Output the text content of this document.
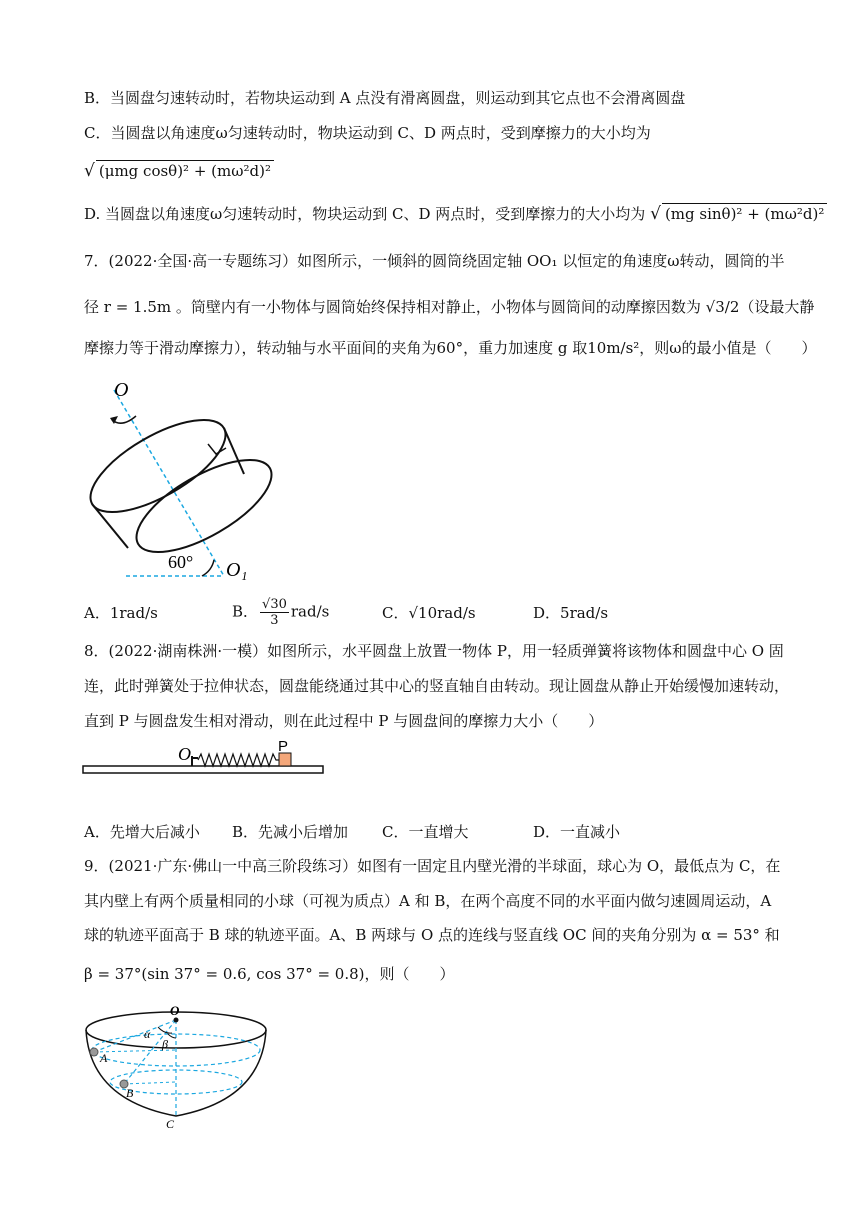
B．当圆盘匀速转动时，若物块运动到 A 点没有滑离圆盘，则运动到其它点也不会滑离圆盘
C．当圆盘以角速度ω匀速转动时，物块运动到 C、D 两点时，受到摩擦力的大小均为
√ (μmg cosθ)² + (mω²d)²
D. 当圆盘以角速度ω匀速转动时，物块运动到 C、D 两点时，受到摩擦力的大小均为 √ (mg sinθ)² + (mω²d)²
7．(2022·全国·高一专题练习）如图所示，一倾斜的圆筒绕固定轴 OO₁ 以恒定的角速度ω转动，圆筒的半
径 r = 1.5m 。筒壁内有一小物体与圆筒始终保持相对静止，小物体与圆筒间的动摩擦因数为 √3/2（设最大静
摩擦力等于滑动摩擦力），转动轴与水平面间的夹角为60°，重力加速度 g 取10m/s²，则ω的最小值是（　　）
O
60° O₁
A．1rad/s	B． $\frac{√30}{3} rad/s$	C．√10rad/s	D．5rad/s
8．(2022·湖南株洲·一模）如图所示，水平圆盘上放置一物体 P，用一轻质弹簧将该物体和圆盘中心 O 固
连，此时弹簧处于拉伸状态，圆盘能绕通过其中心的竖直轴自由转动。现让圆盘从静止开始缓慢加速转动，
直到 P 与圆盘发生相对滑动，则在此过程中 P 与圆盘间的摩擦力大小（　　）
O	P
A．先增大后减小 B．先减小后增加 C．一直增大	D．一直减小
9．(2021·广东·佛山一中高三阶段练习）如图有一固定且内壁光滑的半球面，球心为 O，最低点为 C，在
其内壁上有两个质量相同的小球（可视为质点）A 和 B，在两个高度不同的水平面内做匀速圆周运动，A
球的轨迹平面高于 B 球的轨迹平面。A、B 两球与 O 点的连线与竖直线 OC 间的夹角分别为 α = 53° 和
β = 37°(sin 37° = 0.6, cos 37° = 0.8)，则（　　）
O
A
B
C
α
β
